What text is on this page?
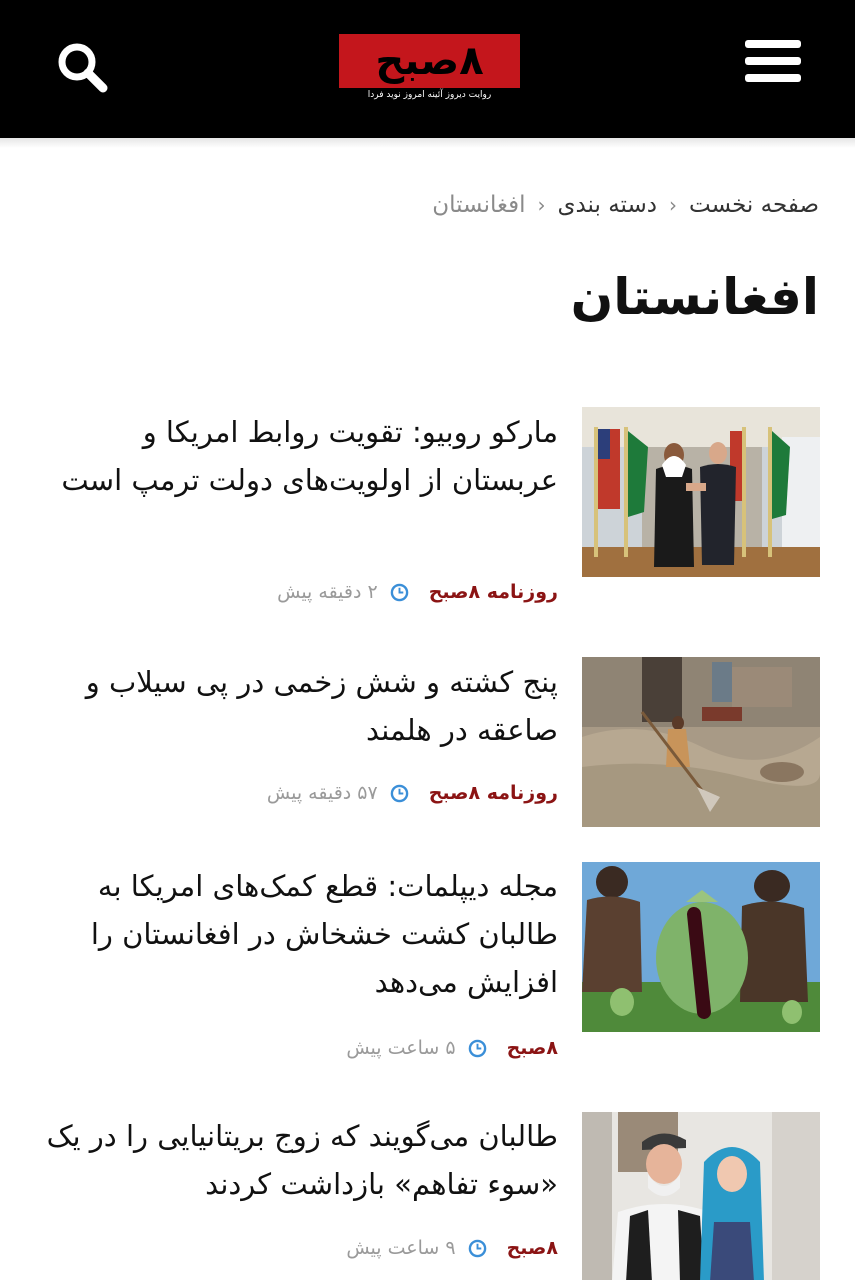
۸صبح
روایت دیروز آئینه امروز نوید فردا
صفحه نخست‹دسته بندی‹افغانستان
افغانستان
مارکو روبیو: تقویت روابط امریکا و عربستان از اولویت‌های دولت ترمپ است
روزنامه ۸صبح
۲ دقیقه پیش
پنج کشته و شش زخمی در پی سیلاب و صاعقه در هلمند
روزنامه ۸صبح
۵۷ دقیقه پیش
مجله دیپلمات: قطع کمک‌های امریکا به طالبان کشت خشخاش در افغانستان را افزایش می‌دهد
۸صبح
۵ ساعت پیش
طالبان می‌گویند که زوج بریتانیایی را در یک «سوء تفاهم» بازداشت کردند
۸صبح
۹ ساعت پیش
